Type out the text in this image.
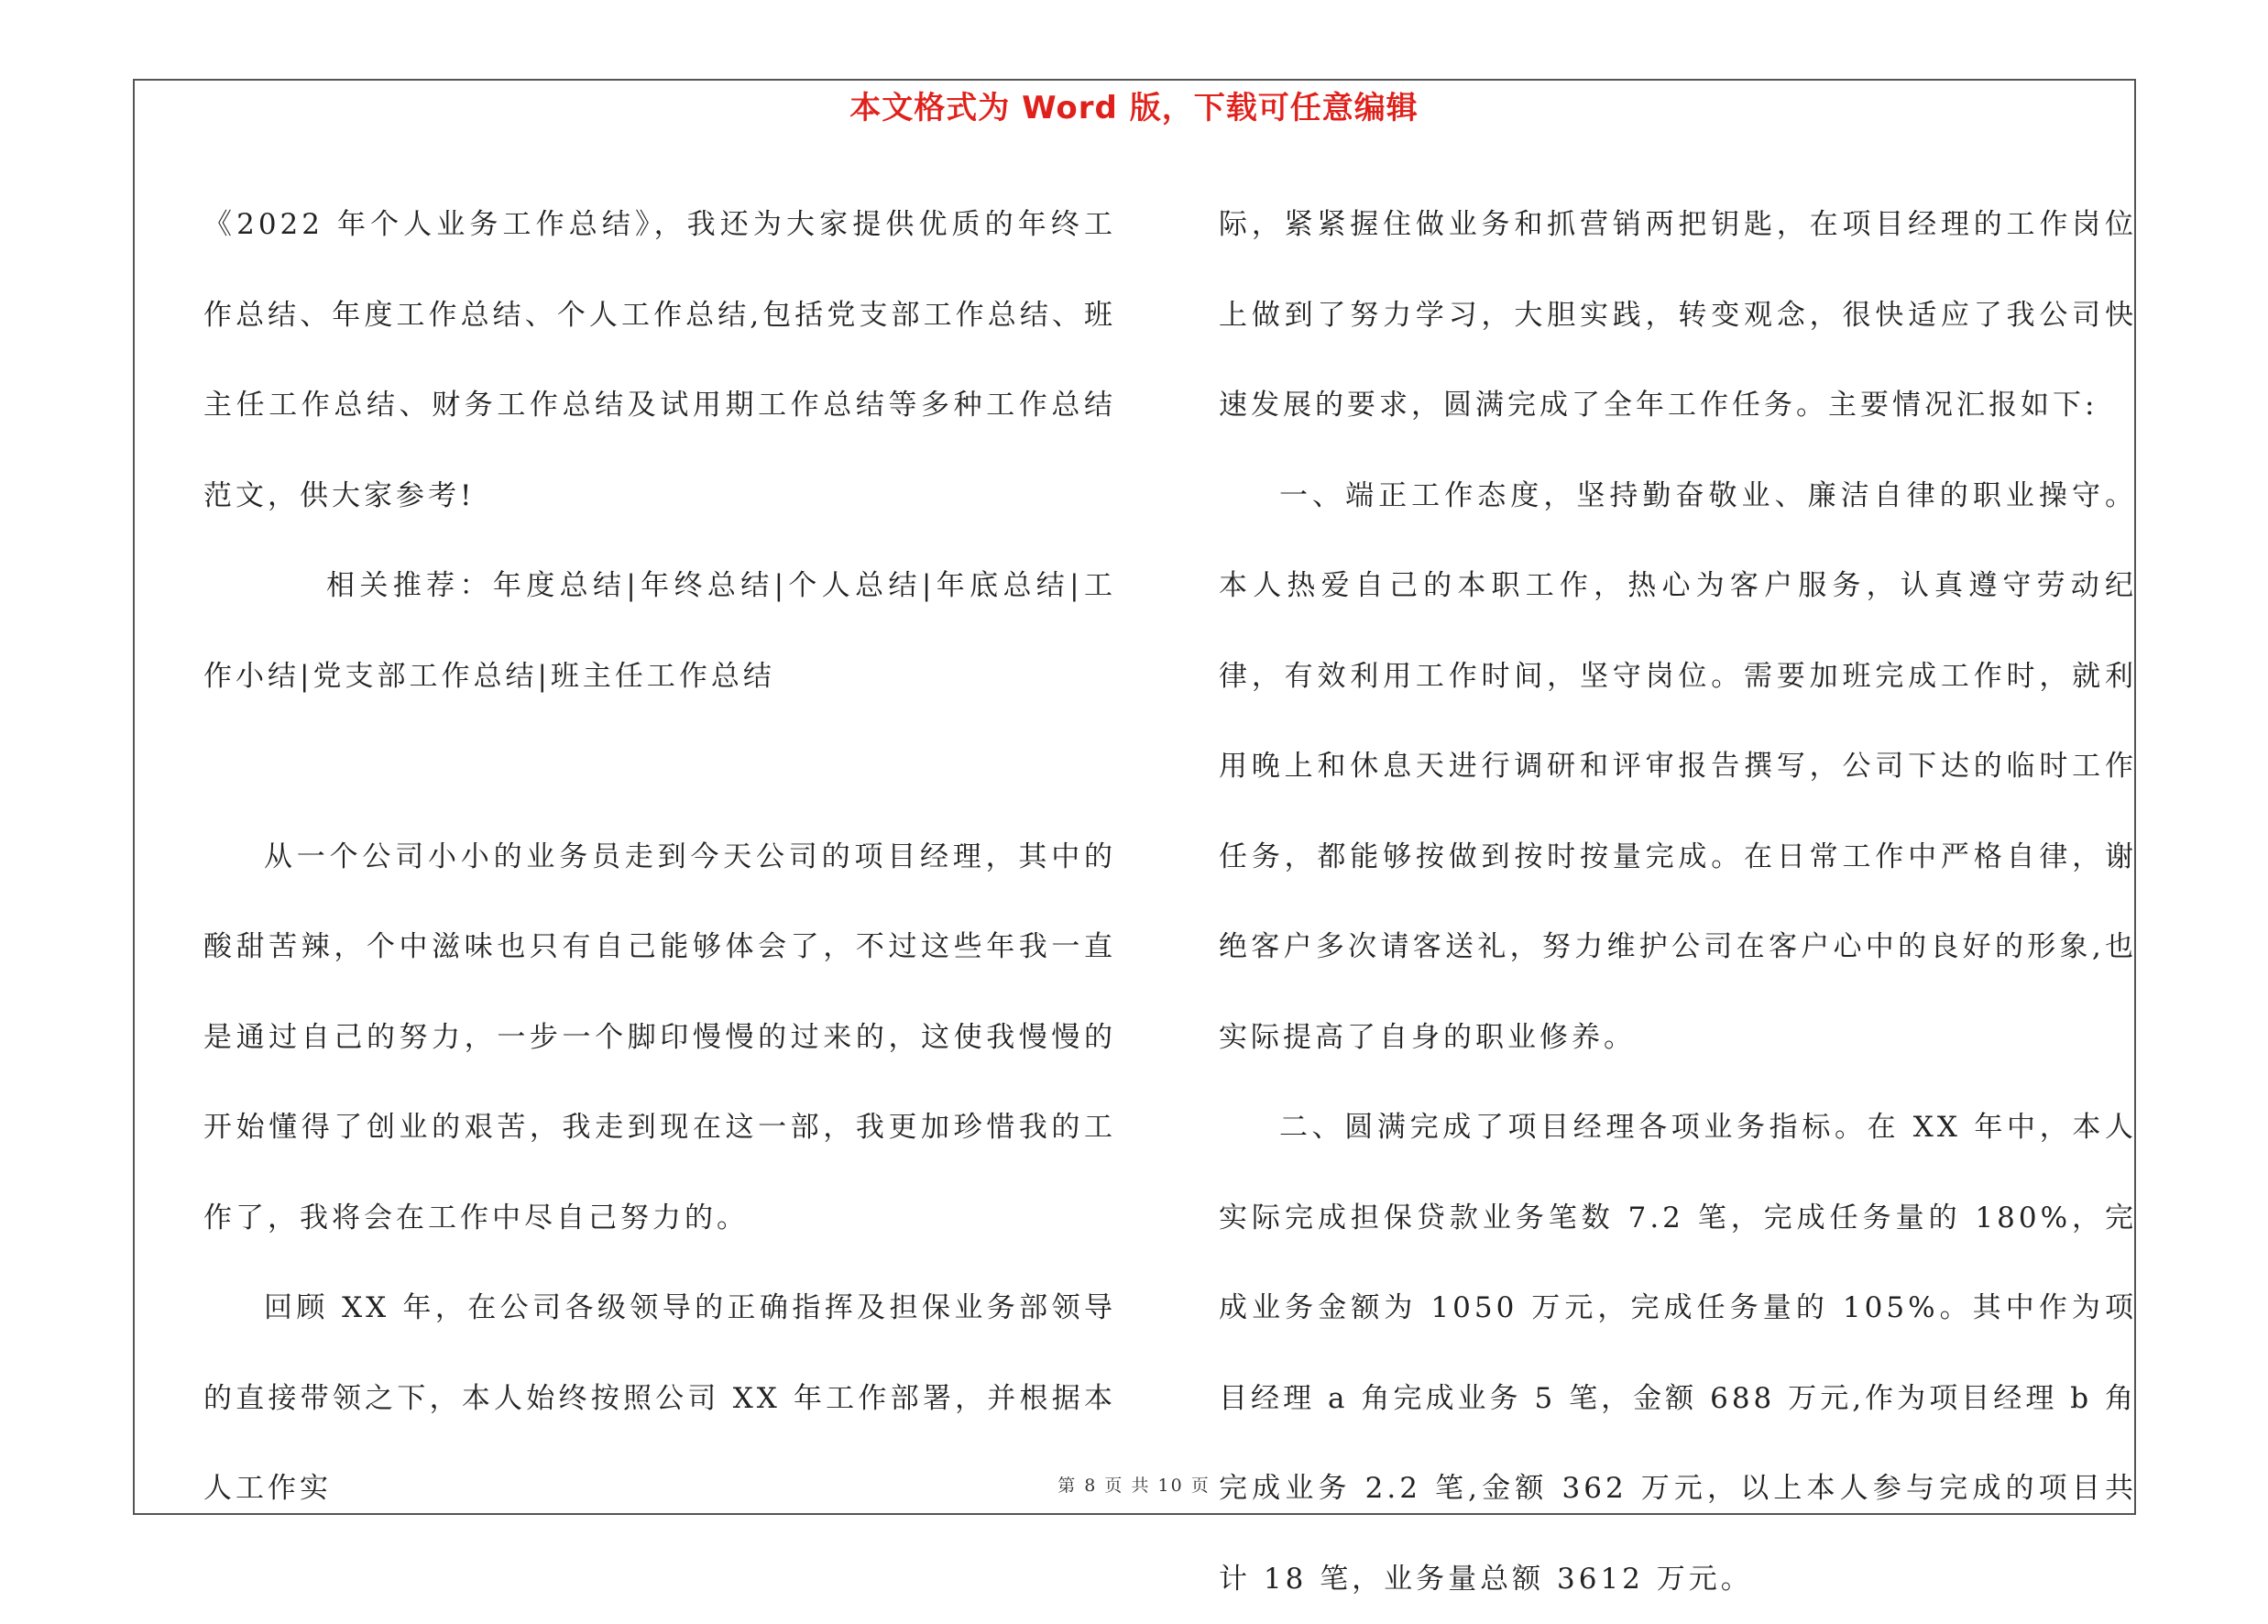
本文格式为 Word 版，下载可任意编辑

《2022 年个人业务工作总结》，我还为大家提供优质的年终工作总结、年度工作总结、个人工作总结,包括党支部工作总结、班主任工作总结、财务工作总结及试用期工作总结等多种工作总结范文，供大家参考!

相关推荐：年度总结|年终总结|个人总结|年底总结|工作小结|党支部工作总结|班主任工作总结

从一个公司小小的业务员走到今天公司的项目经理，其中的酸甜苦辣，个中滋味也只有自己能够体会了，不过这些年我一直是通过自己的努力，一步一个脚印慢慢的过来的，这使我慢慢的开始懂得了创业的艰苦，我走到现在这一部，我更加珍惜我的工作了，我将会在工作中尽自己努力的。

回顾 XX 年，在公司各级领导的正确指挥及担保业务部领导的直接带领之下，本人始终按照公司 XX 年工作部署，并根据本人工作实

际，紧紧握住做业务和抓营销两把钥匙，在项目经理的工作岗位上做到了努力学习，大胆实践，转变观念，很快适应了我公司快速发展的要求，圆满完成了全年工作任务。主要情况汇报如下:

一、端正工作态度，坚持勤奋敬业、廉洁自律的职业操守。本人热爱自己的本职工作，热心为客户服务，认真遵守劳动纪律，有效利用工作时间，坚守岗位。需要加班完成工作时，就利用晚上和休息天进行调研和评审报告撰写，公司下达的临时工作任务，都能够按做到按时按量完成。在日常工作中严格自律，谢绝客户多次请客送礼，努力维护公司在客户心中的良好的形象,也实际提高了自身的职业修养。

二、圆满完成了项目经理各项业务指标。在 XX 年中，本人实际完成担保贷款业务笔数 7.2 笔，完成任务量的 180%，完成业务金额为 1050 万元，完成任务量的 105%。其中作为项目经理 a 角完成业务 5 笔，金额 688 万元,作为项目经理 b 角完成业务 2.2 笔,金额 362 万元，以上本人参与完成的项目共计 18 笔，业务量总额 3612 万元。

第 8 页 共 10 页
